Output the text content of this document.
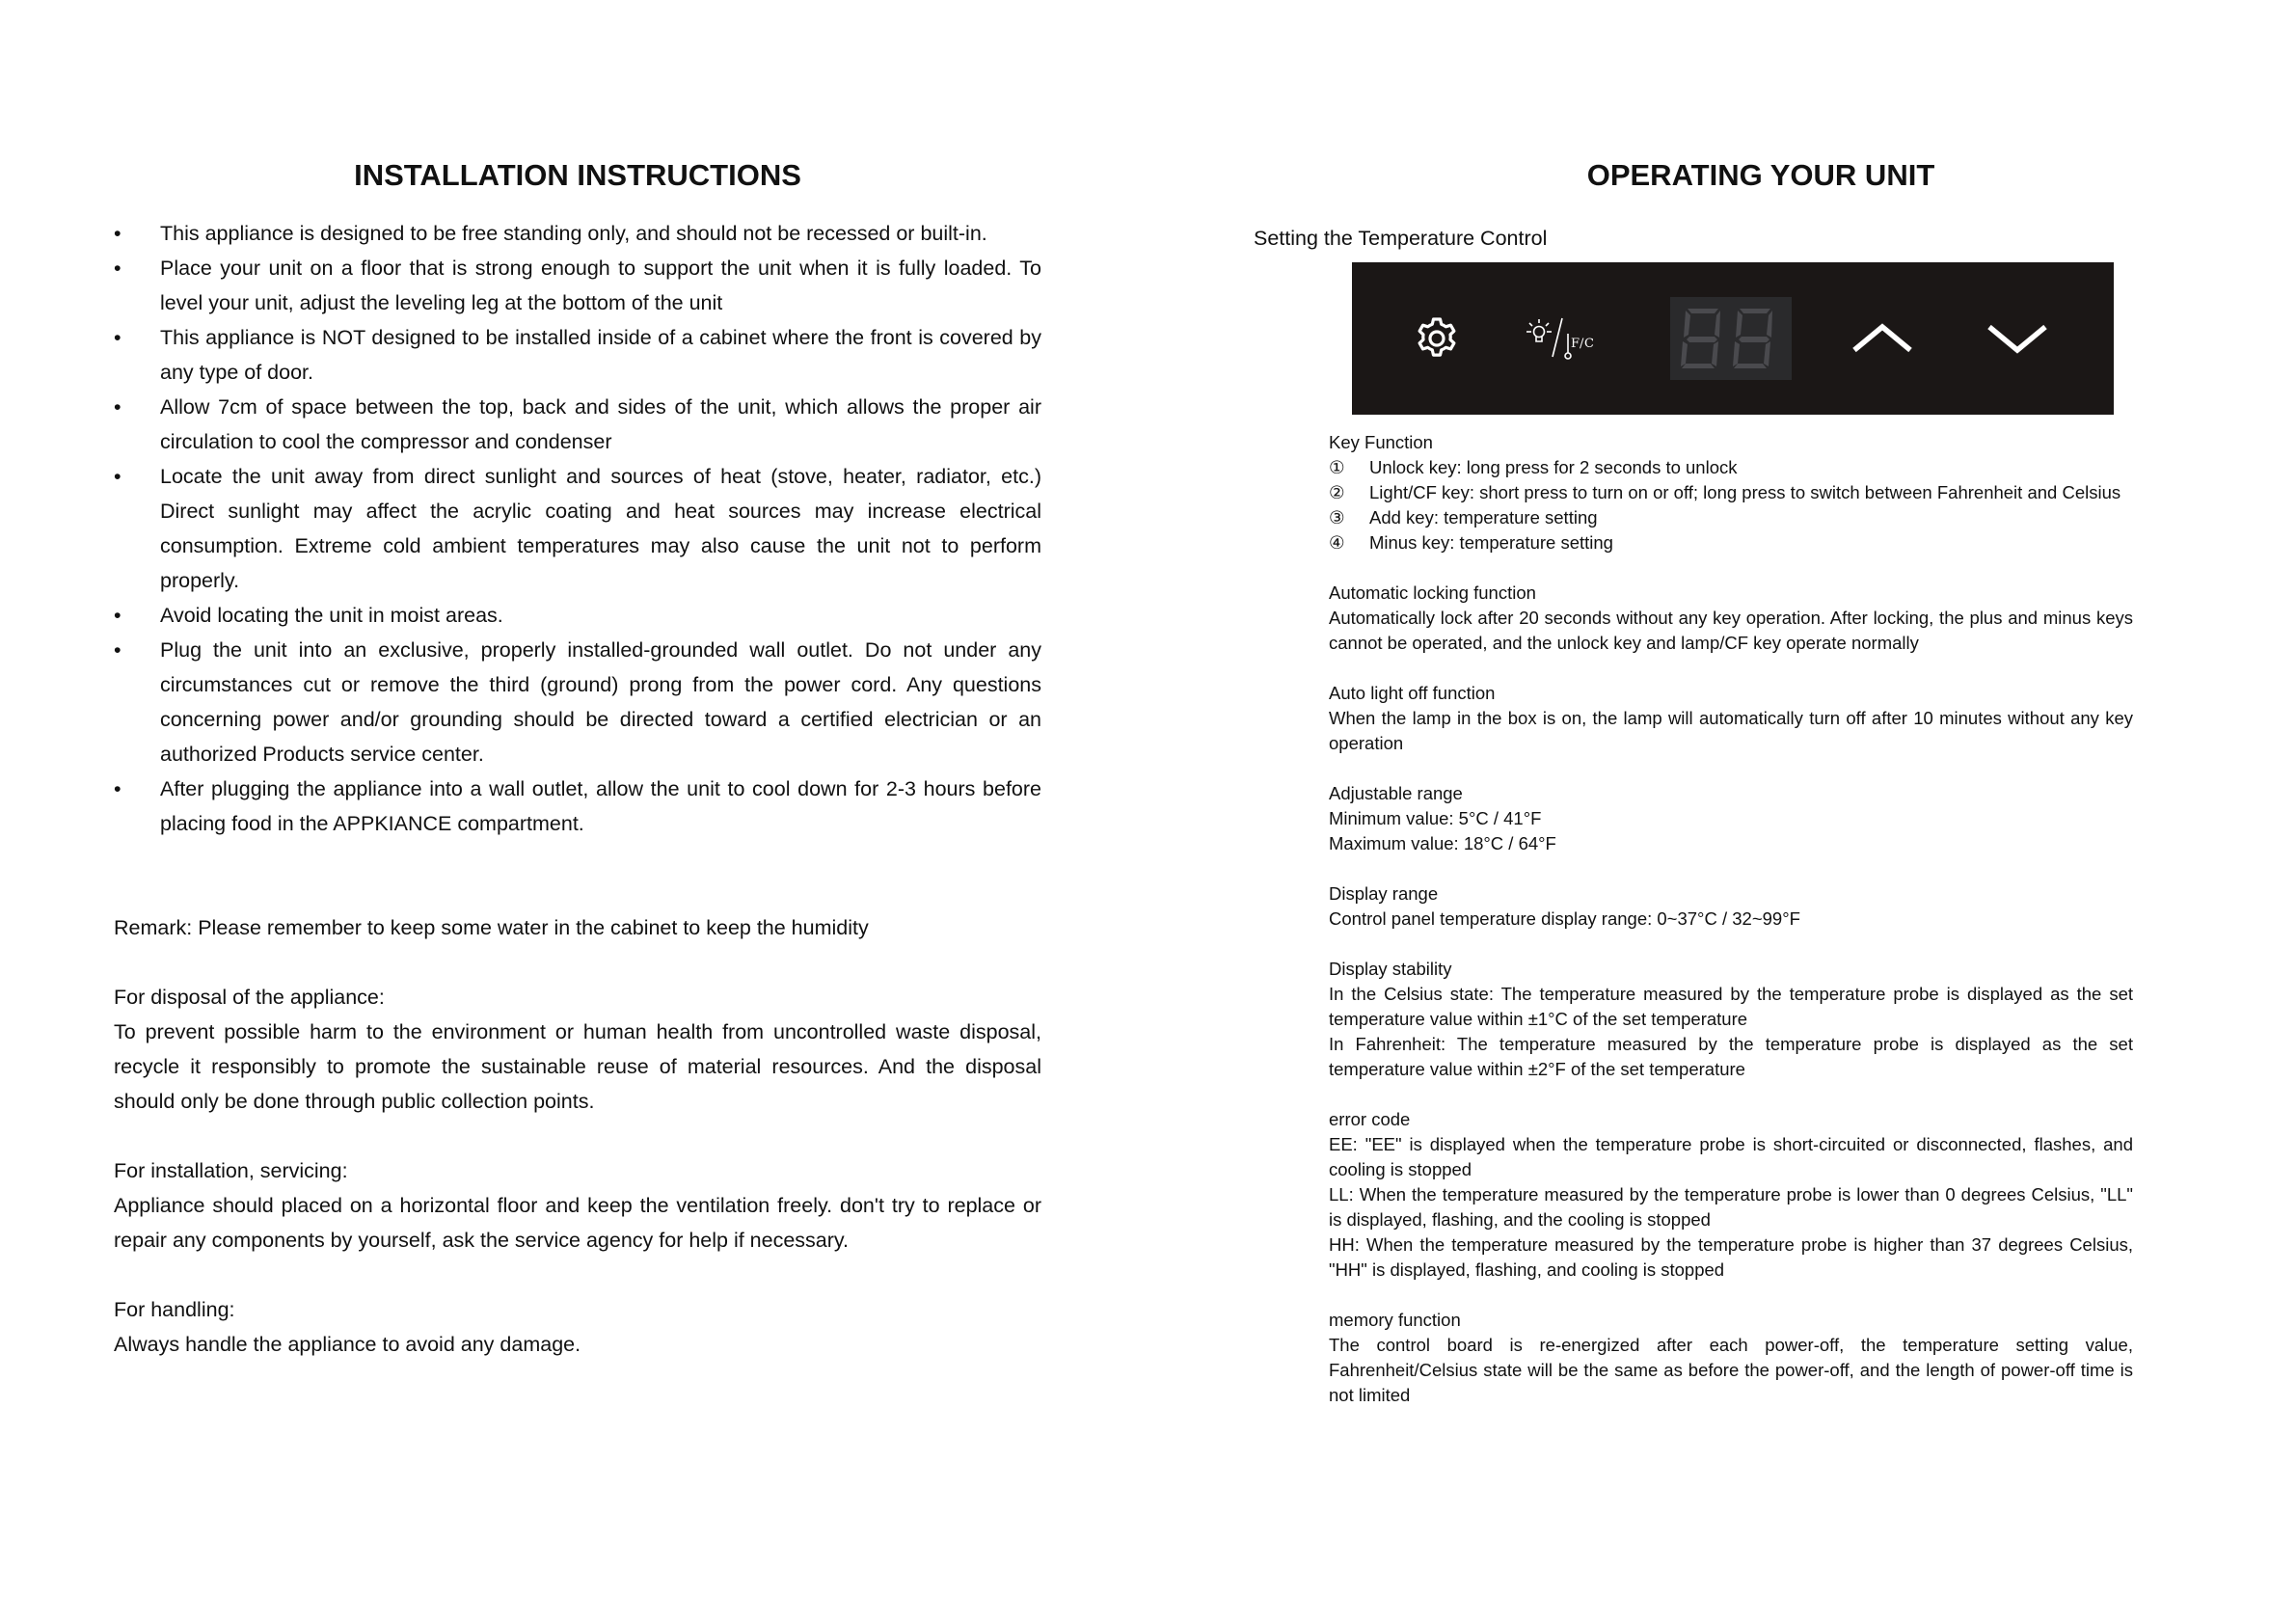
INSTALLATION INSTRUCTIONS
•	This appliance is designed to be free standing only, and should not be recessed or built-in.
•	Place your unit on a floor that is strong enough to support the unit when it is fully loaded. To level your unit, adjust the leveling leg at the bottom of the unit
•	This appliance is NOT designed to be installed inside of a cabinet where the front is covered by any type of door.
•	Allow 7cm of space between the top, back and sides of the unit, which allows the proper air circulation to cool the compressor and condenser
•	Locate the unit away from direct sunlight and sources of heat (stove, heater, radiator, etc.) Direct sunlight may affect the acrylic coating and heat sources may increase electrical consumption. Extreme cold ambient temperatures may also cause the unit not to perform properly.
•	Avoid locating the unit in moist areas.
•	Plug the unit into an exclusive, properly installed-grounded wall outlet. Do not under any circumstances cut or remove the third (ground) prong from the power cord. Any questions concerning power and/or grounding should be directed toward a certified electrician or an authorized Products service center.
•	After plugging the appliance into a wall outlet, allow the unit to cool down for 2-3 hours before placing food in the APPKIANCE compartment.

Remark: Please remember to keep some water in the cabinet to keep the humidity

For disposal of the appliance:

To prevent possible harm to the environment or human health from uncontrolled waste disposal, recycle it responsibly to promote the sustainable reuse of material resources. And the disposal should only be done through public collection points.

For installation, servicing:

Appliance should placed on a horizontal floor and keep the ventilation freely. don't try to replace or repair any components by yourself, ask the service agency for help if necessary.

For handling:

Always handle the appliance to avoid any damage.

OPERATING YOUR UNIT

Setting the Temperature Control

F/ C

Key Function

①	Unlock key: long press for 2 seconds to unlock
②	Light/CF key: short press to turn on or off; long press to switch between Fahrenheit and Celsius
③	Add key: temperature setting
④	Minus key: temperature setting

Automatic locking function

Automatically lock after 20 seconds without any key operation. After locking, the plus and minus keys cannot be operated, and the unlock key and lamp/CF key operate normally

Auto light off function

When the lamp in the box is on, the lamp will automatically turn off after 10 minutes without any key operation

Adjustable range

Minimum value: 5°C / 41°F

Maximum value: 18°C / 64°F

Display range

Control panel temperature display range: 0~37°C / 32~99°F

Display stability

In the Celsius state: The temperature measured by the temperature probe is displayed as the set temperature value within ±1°C of the set temperature

In Fahrenheit: The temperature measured by the temperature probe is displayed as the set temperature value within ±2°F of the set temperature

error code

EE: "EE" is displayed when the temperature probe is short-circuited or disconnected, flashes, and cooling is stopped

LL: When the temperature measured by the temperature probe is lower than 0 degrees Celsius, "LL" is displayed, flashing, and the cooling is stopped

HH: When the temperature measured by the temperature probe is higher than 37 degrees Celsius, "HH" is displayed, flashing, and cooling is stopped

memory function

The control board is re-energized after each power-off, the temperature setting value, Fahrenheit/Celsius state will be the same as before the power-off, and the length of power-off time is not limited
